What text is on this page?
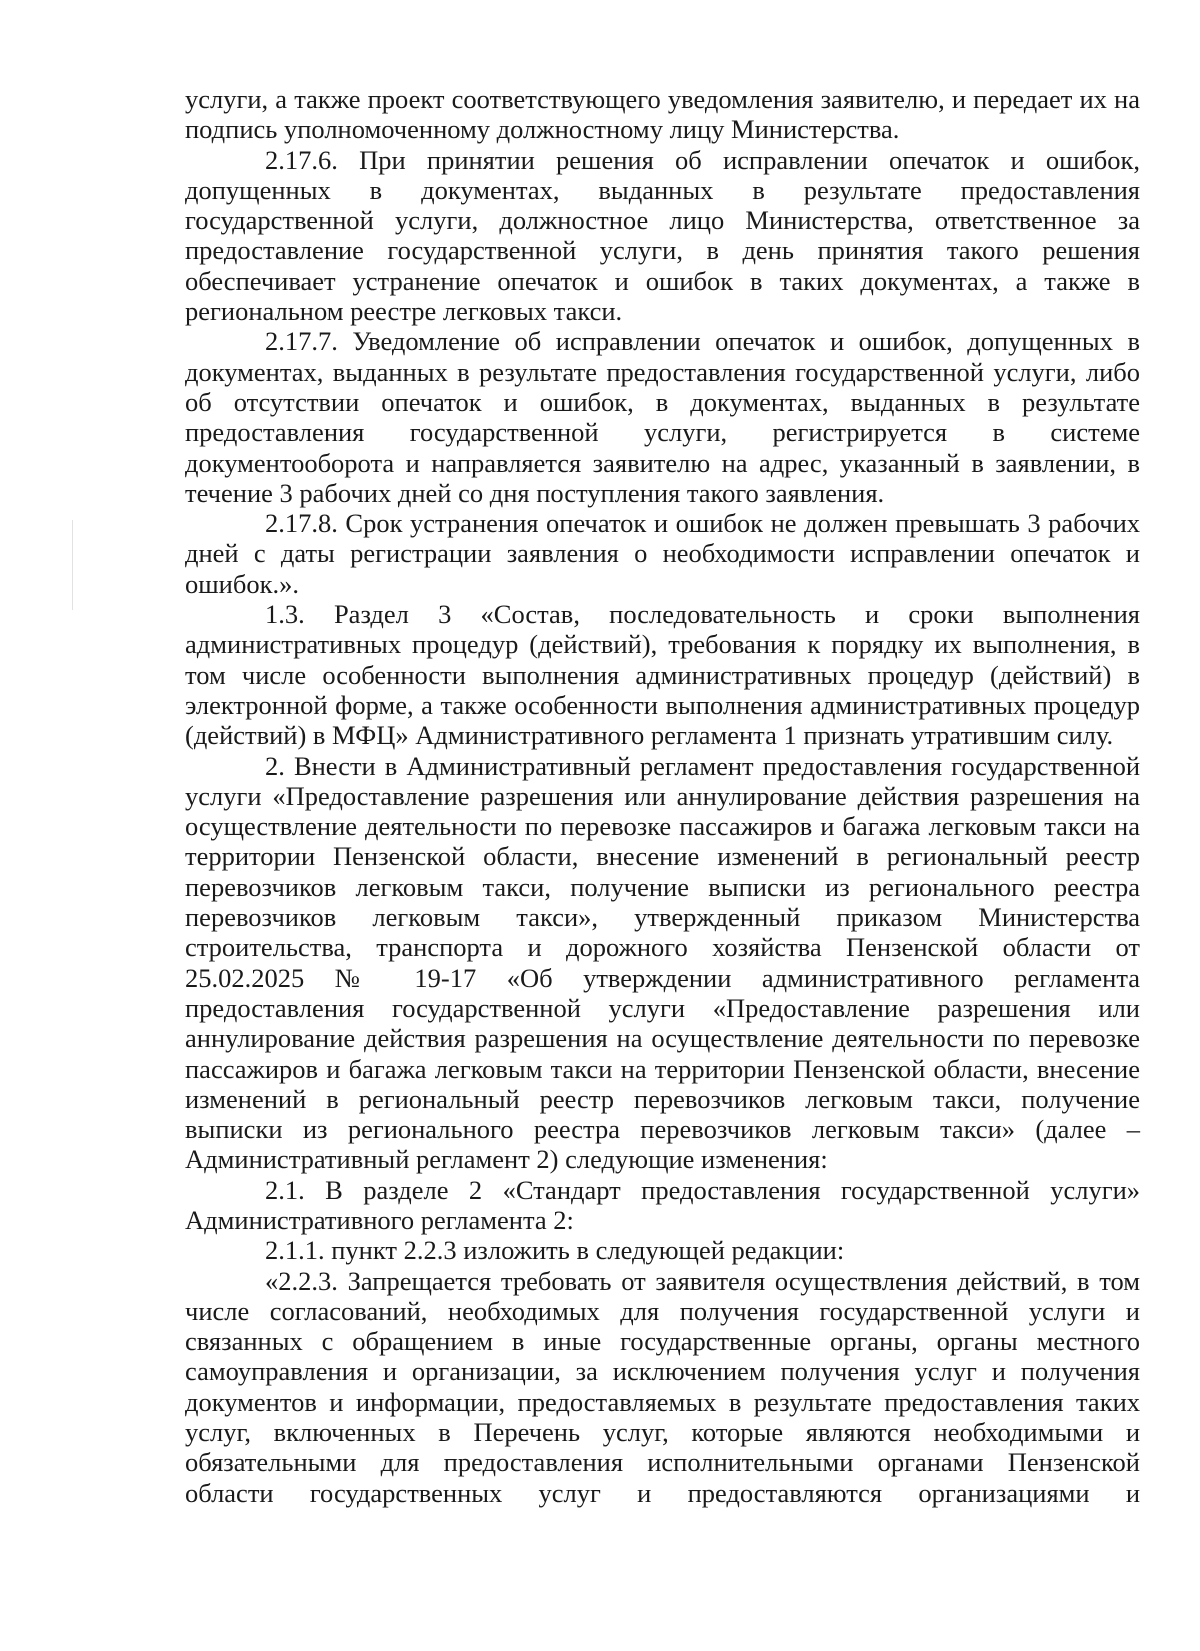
услуги, а также проект соответствующего уведомления заявителю, и передает их на подпись уполномоченному должностному лицу Министерства.

2.17.6. При принятии решения об исправлении опечаток и ошибок, допущенных в документах, выданных в результате предоставления государственной услуги, должностное лицо Министерства, ответственное за предоставление государственной услуги, в день принятия такого решения обеспечивает устранение опечаток и ошибок в таких документах, а также в региональном реестре легковых такси.

2.17.7. Уведомление об исправлении опечаток и ошибок, допущенных в документах, выданных в результате предоставления государственной услуги, либо об отсутствии опечаток и ошибок, в документах, выданных в результате предоставления государственной услуги, регистрируется в системе документооборота и направляется заявителю на адрес, указанный в заявлении, в течение 3 рабочих дней со дня поступления такого заявления.

2.17.8. Срок устранения опечаток и ошибок не должен превышать 3 рабочих дней с даты регистрации заявления о необходимости исправлении опечаток и ошибок.».

1.3. Раздел 3 «Состав, последовательность и сроки выполнения административных процедур (действий), требования к порядку их выполнения, в том числе особенности выполнения административных процедур (действий) в электронной форме, а также особенности выполнения административных процедур (действий) в МФЦ» Административного регламента 1 признать утратившим силу.

2. Внести в Административный регламент предоставления государственной услуги «Предоставление разрешения или аннулирование действия разрешения на осуществление деятельности по перевозке пассажиров и багажа легковым такси на территории Пензенской области, внесение изменений в региональный реестр перевозчиков легковым такси, получение выписки из регионального реестра перевозчиков легковым такси», утвержденный приказом Министерства строительства, транспорта и дорожного хозяйства Пензенской области от 25.02.2025 № 19-17 «Об утверждении административного регламента предоставления государственной услуги «Предоставление разрешения или аннулирование действия разрешения на осуществление деятельности по перевозке пассажиров и багажа легковым такси на территории Пензенской области, внесение изменений в региональный реестр перевозчиков легковым такси, получение выписки из регионального реестра перевозчиков легковым такси» (далее – Административный регламент 2) следующие изменения:

2.1. В разделе 2 «Стандарт предоставления государственной услуги» Административного регламента 2:

2.1.1. пункт 2.2.3 изложить в следующей редакции:

«2.2.3. Запрещается требовать от заявителя осуществления действий, в том числе согласований, необходимых для получения государственной услуги и связанных с обращением в иные государственные органы, органы местного самоуправления и организации, за исключением получения услуг и получения документов и информации, предоставляемых в результате предоставления таких услуг, включенных в Перечень услуг, которые являются необходимыми и обязательными для предоставления исполнительными органами Пензенской области государственных услуг и предоставляются организациями и
